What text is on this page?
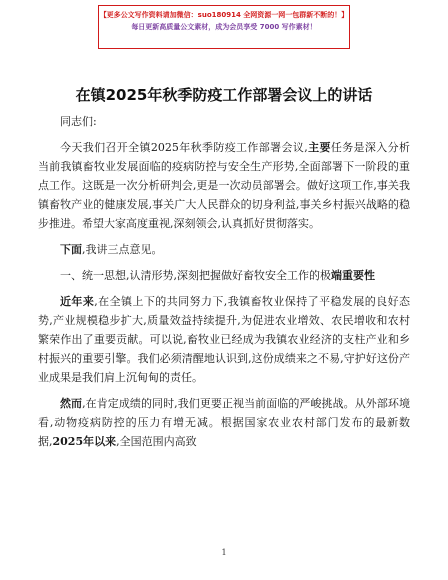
【更多公文写作资料请加微信：suo180914 全网资源一网一包群新不断的！】
每日更新高质量公文素材，成为会员享受 7000 写作素材！
在镇2025年秋季防疫工作部署会议上的讲话

同志们:

今天我们召开全镇2025年秋季防疫工作部署会议,主要任务是深入分析当前我镇畜牧业发展面临的疫病防控与安全生产形势,全面部署下一阶段的重点工作。这既是一次分析研判会,更是一次动员部署会。做好这项工作,事关我镇畜牧产业的健康发展,事关广大人民群众的切身利益,事关乡村振兴战略的稳步推进。希望大家高度重视,深刻领会,认真抓好贯彻落实。

下面,我讲三点意见。

一、统一思想,认清形势,深刻把握做好畜牧安全工作的极端重要性

近年来,在全镇上下的共同努力下,我镇畜牧业保持了平稳发展的良好态势,产业规模稳步扩大,质量效益持续提升,为促进农业增效、农民增收和农村繁荣作出了重要贡献。可以说,畜牧业已经成为我镇农业经济的支柱产业和乡村振兴的重要引擎。我们必须清醒地认识到,这份成绩来之不易,守护好这份产业成果是我们肩上沉甸甸的责任。

然而,在肯定成绩的同时,我们更要正视当前面临的严峻挑战。从外部环境看,动物疫病防控的压力有增无减。根据国家农业农村部门发布的最新数据,2025年以来,全国范围内高致

1
